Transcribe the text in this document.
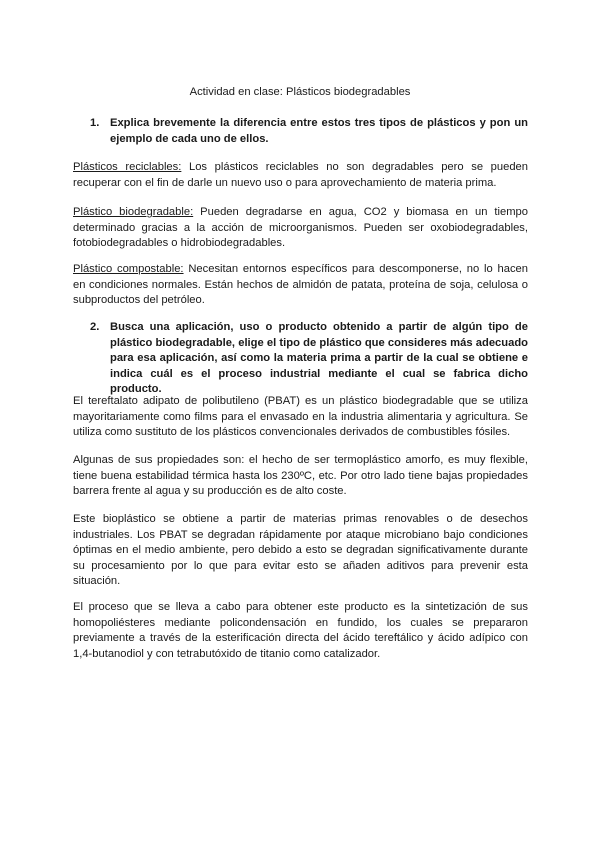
Actividad en clase: Plásticos biodegradables
1. Explica brevemente la diferencia entre estos tres tipos de plásticos y pon un ejemplo de cada uno de ellos.
Plásticos reciclables: Los plásticos reciclables no son degradables pero se pueden recuperar con el fin de darle un nuevo uso o para aprovechamiento de materia prima.
Plástico biodegradable: Pueden degradarse en agua, CO2 y biomasa en un tiempo determinado gracias a la acción de microorganismos. Pueden ser oxobiodegradables, fotobiodegradables o hidrobiodegradables.
Plástico compostable: Necesitan entornos específicos para descomponerse, no lo hacen en condiciones normales. Están hechos de almidón de patata, proteína de soja, celulosa o subproductos del petróleo.
2. Busca una aplicación, uso o producto obtenido a partir de algún tipo de plástico biodegradable, elige el tipo de plástico que consideres más adecuado para esa aplicación, así como la materia prima a partir de la cual se obtiene e indica cuál es el proceso industrial mediante el cual se fabrica dicho producto.
El tereftalato adipato de polibutileno (PBAT) es un plástico biodegradable que se utiliza mayoritariamente como films para el envasado en la industria alimentaria y agricultura. Se utiliza como sustituto de los plásticos convencionales derivados de combustibles fósiles.
Algunas de sus propiedades son: el hecho de ser termoplástico amorfo, es muy flexible, tiene buena estabilidad térmica hasta los 230ºC, etc. Por otro lado tiene bajas propiedades barrera frente al agua y su producción es de alto coste.
Este bioplástico se obtiene a partir de materias primas renovables o de desechos industriales. Los PBAT se degradan rápidamente por ataque microbiano bajo condiciones óptimas en el medio ambiente, pero debido a esto se degradan significativamente durante su procesamiento por lo que para evitar esto se añaden aditivos para prevenir esta situación.
El proceso que se lleva a cabo para obtener este producto es la sintetización de sus homopoliésteres mediante policondensación en fundido, los cuales se prepararon previamente a través de la esterificación directa del ácido tereftálico y ácido adípico con 1,4-butanodiol y con tetrabutóxido de titanio como catalizador.
